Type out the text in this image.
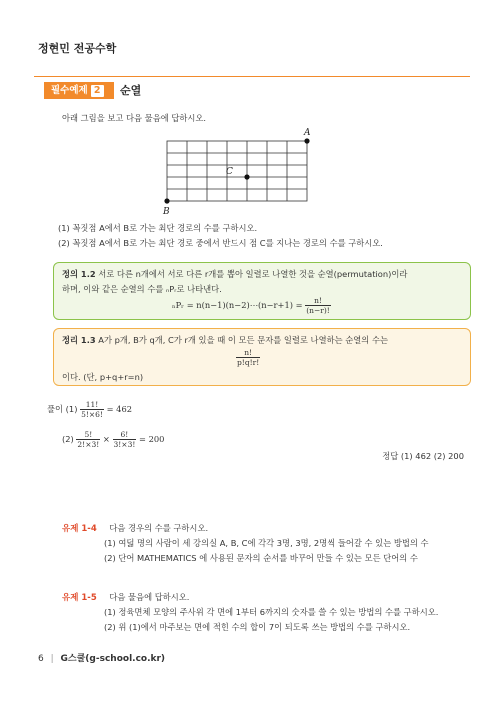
정현민 전공수학
필수예제 2	순열
아래 그림을 보고 다음 물음에 답하시오.
A
B
C
(1) 꼭짓점 A에서 B로 가는 최단 경로의 수를 구하시오.
(2) 꼭짓점 A에서 B로 가는 최단 경로 중에서 반드시 점 C를 지나는 경로의 수를 구하시오.
정의 1.2 서로 다른 n개에서 서로 다른 r개를 뽑아 일렬로 나열한 것을 순열(permutation)이라
하며, 이와 같은 순열의 수를 ₙPᵣ로 나타낸다.
ₙPᵣ = n(n−1)(n−2)⋯(n−r+1) = $\frac{n!}{(n-r)!}$
정리 1.3 A가 p개, B가 q개, C가 r개 있을 때 이 모든 문자를 일렬로 나열하는 순열의 수는
$\frac{n!}{p!q!r!}$
이다. (단, p+q+r=n)
풀이 $(1) \frac{11!}{5!\times 6!} = 462$
$(2) \frac{5!}{2!\times 3!} \times \frac{6!}{3!\times 3!} = 200$
정답 (1) 462 (2) 200
유제 1-4 다음 경우의 수를 구하시오.
(1) 여덟 명의 사람이 세 강의실 A, B, C에 각각 3명, 3명, 2명씩 들어갈 수 있는 방법의 수
(2) 단어 MATHEMATICS 에 사용된 문자의 순서를 바꾸어 만들 수 있는 모든 단어의 수
유제 1-5 다음 물음에 답하시오.
(1) 정육면체 모양의 주사위 각 면에 1부터 6까지의 숫자를 쓸 수 있는 방법의 수를 구하시오.
(2) 위 (1)에서 마주보는 면에 적힌 수의 합이 7이 되도록 쓰는 방법의 수를 구하시오.
6 | G스쿨(g-school.co.kr)
